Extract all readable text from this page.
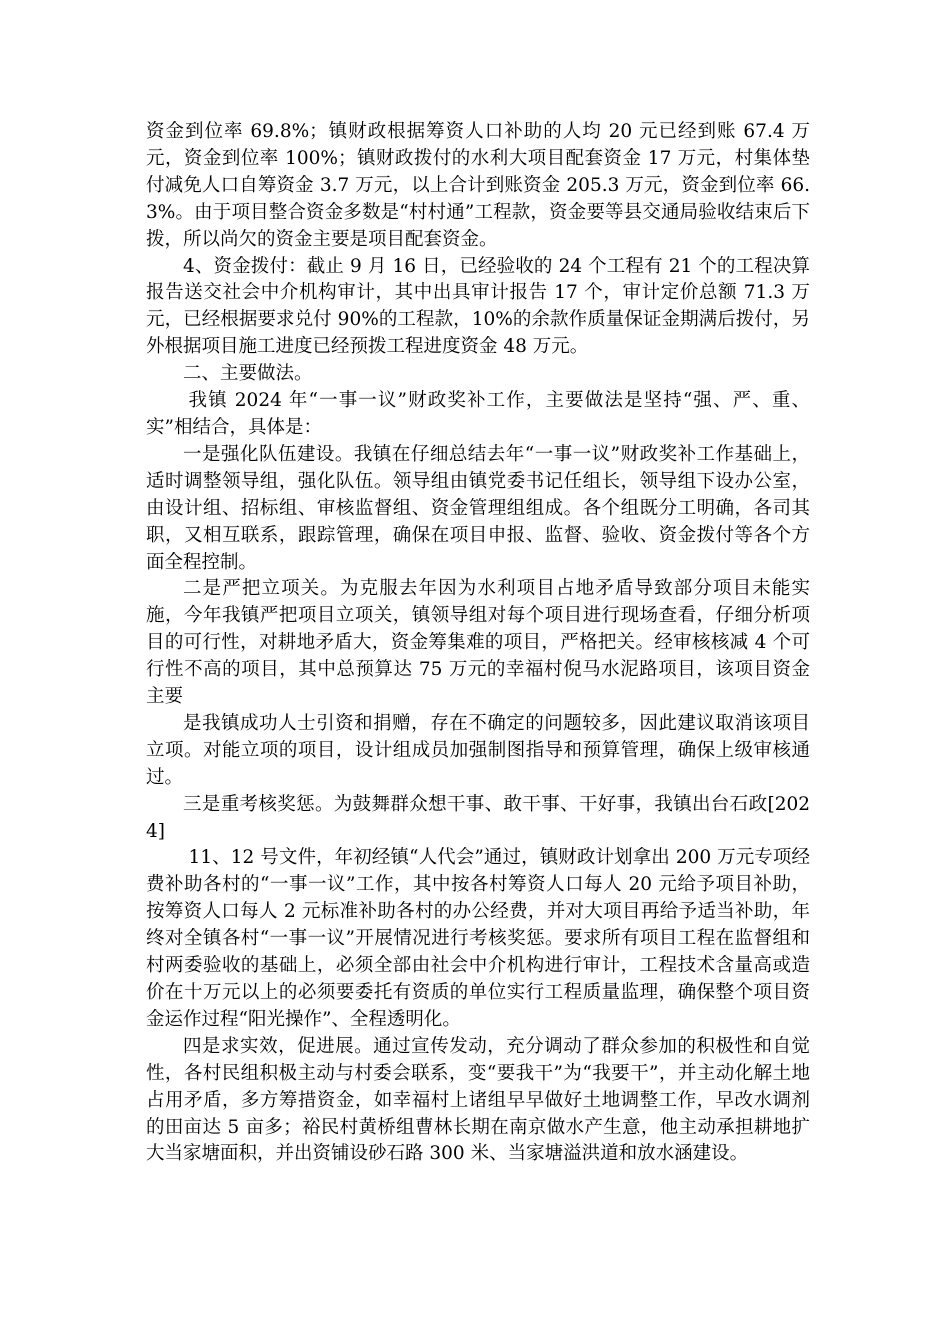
资金到位率 69.8%；镇财政根据筹资人口补助的人均 20 元已经到账 67.4 万元，资金到位率 100%；镇财政拨付的水利大项目配套资金 17 万元，村集体垫付减免人口自筹资金 3.7 万元，以上合计到账资金 205.3 万元，资金到位率 66.3%。由于项目整合资金多数是“村村通”工程款，资金要等县交通局验收结束后下拨，所以尚欠的资金主要是项目配套资金。

4、资金拨付：截止 9 月 16 日，已经验收的 24 个工程有 21 个的工程决算报告送交社会中介机构审计，其中出具审计报告 17 个，审计定价总额 71.3 万元，已经根据要求兑付 90%的工程款，10%的余款作质量保证金期满后拨付，另外根据项目施工进度已经预拨工程进度资金 48 万元。

二、主要做法。

我镇 2024 年“一事一议”财政奖补工作，主要做法是坚持“强、严、重、实”相结合，具体是：

一是强化队伍建设。我镇在仔细总结去年“一事一议”财政奖补工作基础上，适时调整领导组，强化队伍。领导组由镇党委书记任组长，领导组下设办公室，由设计组、招标组、审核监督组、资金管理组组成。各个组既分工明确，各司其职，又相互联系，跟踪管理，确保在项目申报、监督、验收、资金拨付等各个方面全程控制。

二是严把立项关。为克服去年因为水利项目占地矛盾导致部分项目未能实施，今年我镇严把项目立项关，镇领导组对每个项目进行现场查看，仔细分析项目的可行性，对耕地矛盾大，资金筹集难的项目，严格把关。经审核核减 4 个可行性不高的项目，其中总预算达 75 万元的幸福村倪马水泥路项目，该项目资金主要

是我镇成功人士引资和捐赠，存在不确定的问题较多，因此建议取消该项目立项。对能立项的项目，设计组成员加强制图指导和预算管理，确保上级审核通过。

三是重考核奖惩。为鼓舞群众想干事、敢干事、干好事，我镇出台石政[2024]

11、12 号文件，年初经镇“人代会”通过，镇财政计划拿出 200 万元专项经费补助各村的“一事一议”工作，其中按各村筹资人口每人 20 元给予项目补助，按筹资人口每人 2 元标准补助各村的办公经费，并对大项目再给予适当补助，年终对全镇各村“一事一议”开展情况进行考核奖惩。要求所有项目工程在监督组和村两委验收的基础上，必须全部由社会中介机构进行审计，工程技术含量高或造价在十万元以上的必须要委托有资质的单位实行工程质量监理，确保整个项目资金运作过程“阳光操作”、全程透明化。

四是求实效，促进展。通过宣传发动，充分调动了群众参加的积极性和自觉性，各村民组积极主动与村委会联系，变“要我干”为“我要干”，并主动化解土地占用矛盾，多方筹措资金，如幸福村上诸组早早做好土地调整工作，早改水调剂的田亩达 5 亩多；裕民村黄桥组曹林长期在南京做水产生意，他主动承担耕地扩大当家塘面积，并出资铺设砂石路 300 米、当家塘溢洪道和放水涵建设。
